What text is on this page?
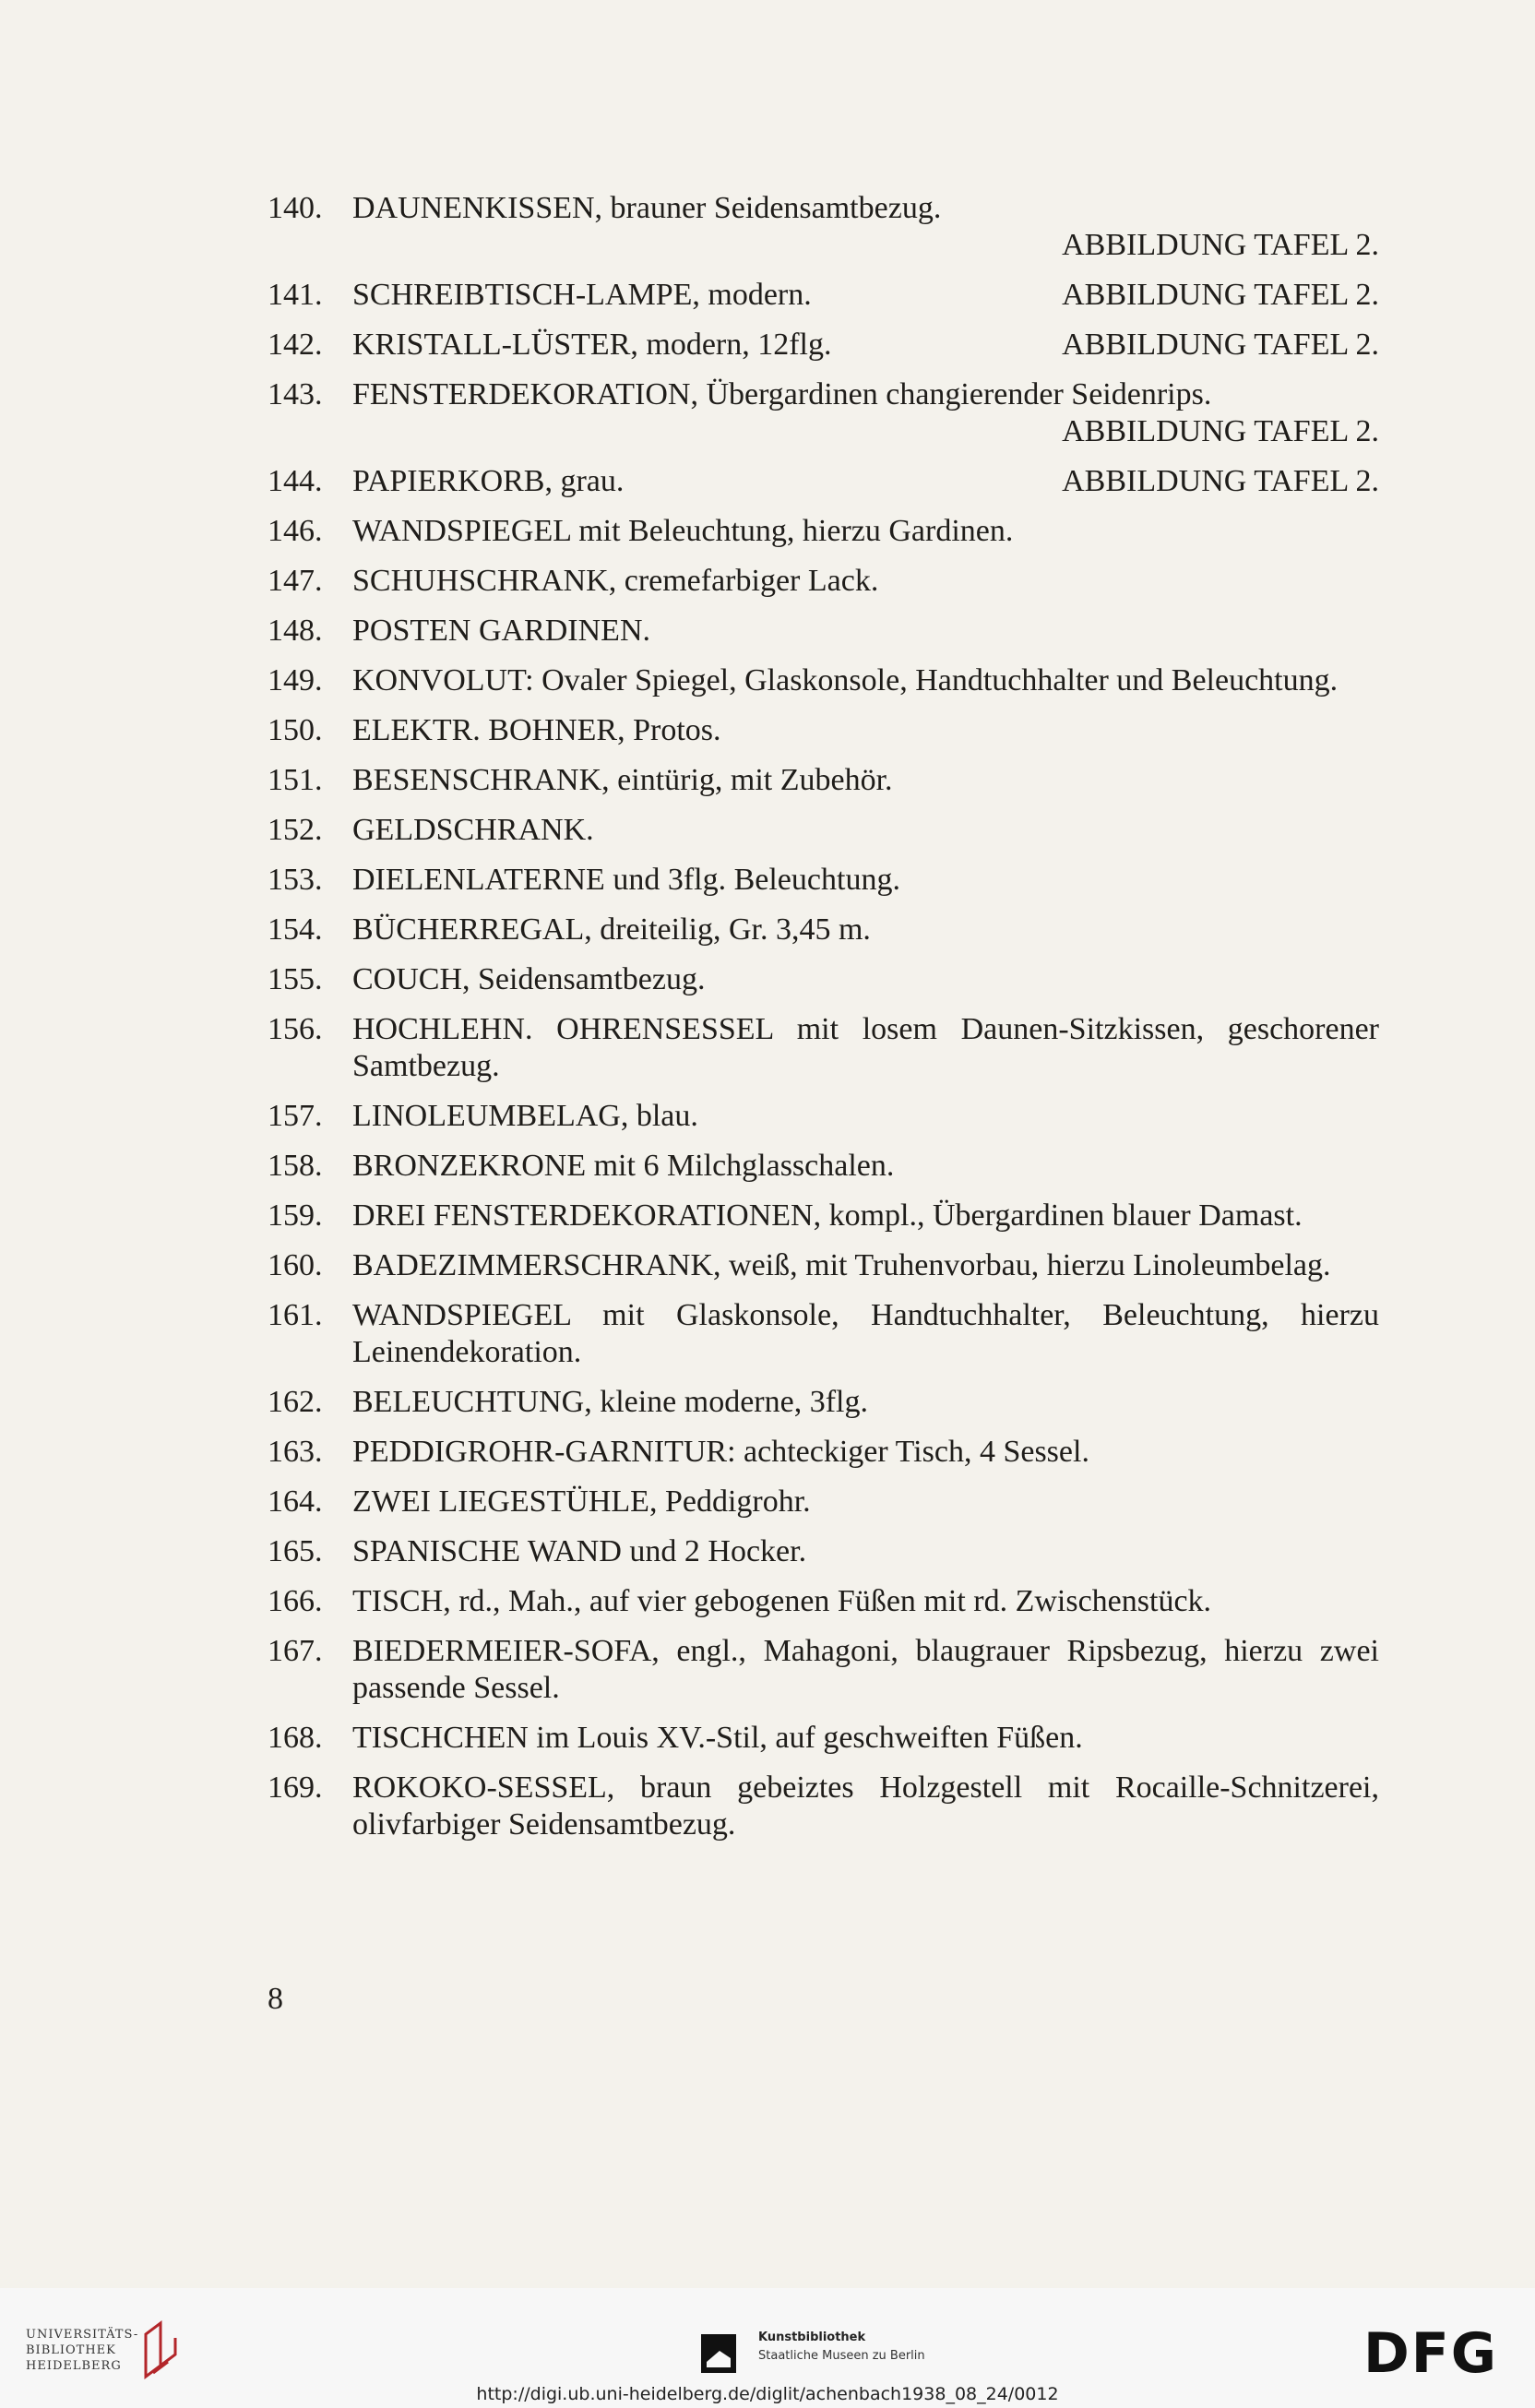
140. DAUNENKISSEN, brauner Seidensamtbezug.
ABBILDUNG TAFEL 2.
141. SCHREIBTISCH-LAMPE, modern.	ABBILDUNG TAFEL 2.
142. KRISTALL-LÜSTER, modern, 12flg.	ABBILDUNG TAFEL 2.
143. FENSTERDEKORATION, Übergardinen changierender Seidenrips.
ABBILDUNG TAFEL 2.
144. PAPIERKORB, grau.	ABBILDUNG TAFEL 2.
146. WANDSPIEGEL mit Beleuchtung, hierzu Gardinen.
147. SCHUHSCHRANK, cremefarbiger Lack.
148. POSTEN GARDINEN.
149. KONVOLUT: Ovaler Spiegel, Glaskonsole, Handtuchhalter und Beleuchtung.
150. ELEKTR. BOHNER, Protos.
151. BESENSCHRANK, eintürig, mit Zubehör.
152. GELDSCHRANK.
153. DIELENLATERNE und 3flg. Beleuchtung.
154. BÜCHERREGAL, dreiteilig, Gr. 3,45 m.
155. COUCH, Seidensamtbezug.
156. HOCHLEHN. OHRENSESSEL mit losem Daunen-Sitzkissen, geschorener Samtbezug.
157. LINOLEUMBELAG, blau.
158. BRONZEKRONE mit 6 Milchglasschalen.
159. DREI FENSTERDEKORATIONEN, kompl., Übergardinen blauer Damast.
160. BADEZIMMERSCHRANK, weiß, mit Truhenvorbau, hierzu Linoleumbelag.
161. WANDSPIEGEL mit Glaskonsole, Handtuchhalter, Beleuchtung, hierzu Leinendekoration.
162. BELEUCHTUNG, kleine moderne, 3flg.
163. PEDDIGROHR-GARNITUR: achteckiger Tisch, 4 Sessel.
164. ZWEI LIEGESTÜHLE, Peddigrohr.
165. SPANISCHE WAND und 2 Hocker.
166. TISCH, rd., Mah., auf vier gebogenen Füßen mit rd. Zwischenstück.
167. BIEDERMEIER-SOFA, engl., Mahagoni, blaugrauer Ripsbezug, hierzu zwei passende Sessel.
168. TISCHCHEN im Louis XV.-Stil, auf geschweiften Füßen.
169. ROKOKO-SESSEL, braun gebeiztes Holzgestell mit Rocaille-Schnitzerei, olivfarbiger Seidensamtbezug.
8
UNIVERSITÄTS-
BIBLIOTHEK
HEIDELBERG
Kunstbibliothek
Staatliche Museen zu Berlin	DFG
http://digi.ub.uni-heidelberg.de/diglit/achenbach1938_08_24/0012
